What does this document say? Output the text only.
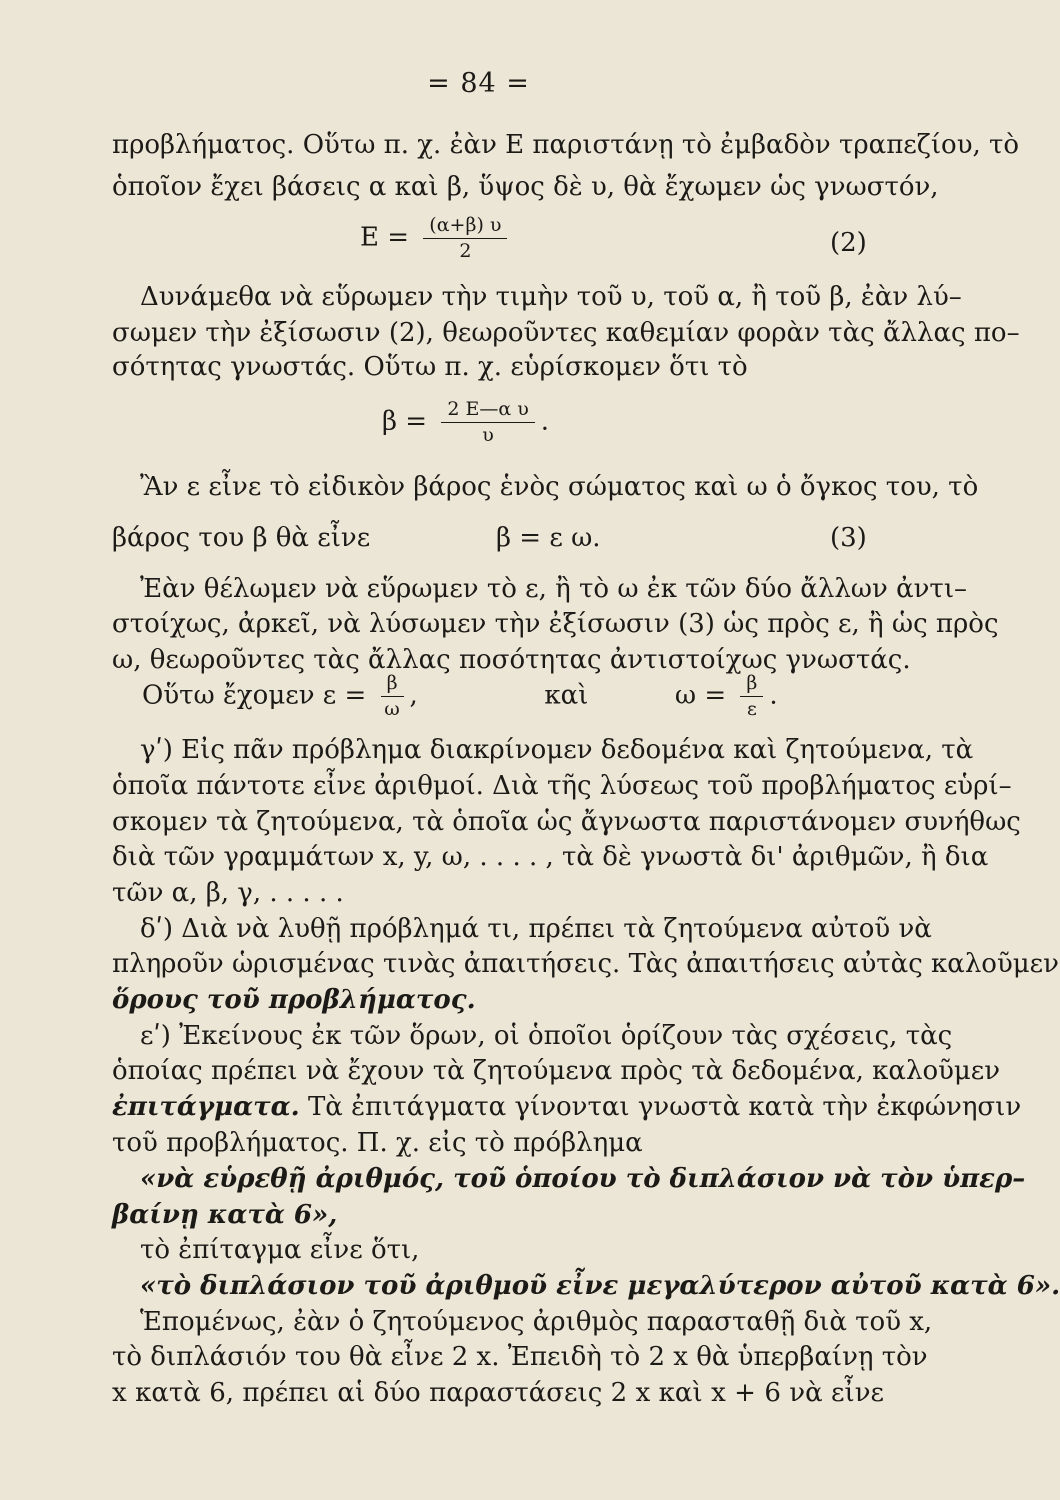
= 84 =
προβλήματος. Οὕτω π. χ. ἐὰν Ε παριστάνῃ τὸ ἐμβαδὸν τραπεζίου, τὸ
ὁποῖον ἔχει βάσεις α καὶ β, ὕψος δὲ υ, θὰ ἔχωμεν ὡς γνωστόν,
$E = \frac{(\alpha+\beta) \upsilon}{2}$	(2)
Δυνάμεθα νὰ εὕρωμεν τὴν τιμὴν τοῦ υ, τοῦ α, ἢ τοῦ β, ἐὰν λύ–
σωμεν τὴν ἐξίσωσιν (2), θεωροῦντες καθεμίαν φορὰν τὰς ἄλλας πο–
σότητας γνωστάς. Οὕτω π. χ. εὑρίσκομεν ὅτι τὸ
$\beta = \frac{\text{2 Ε—α υ}}{\upsilon}$ .
Ἂν ε εἶνε τὸ εἰδικὸν βάρος ἑνὸς σώματος καὶ ω ὁ ὄγκος του, τὸ
βάρος του β θὰ εἶνε	β = ε ω.	(3)
Ἐὰν θέλωμεν νὰ εὕρωμεν τὸ ε, ἢ τὸ ω ἐκ τῶν δύο ἄλλων ἀντι–
στοίχως, ἀρκεῖ, νὰ λύσωμεν τὴν ἐξίσωσιν (3) ὡς πρὸς ε, ἢ ὡς πρὸς
ω, θεωροῦντες τὰς ἄλλας ποσότητας ἀντιστοίχως γνωστάς.
Οὕτω ἔχομεν $\varepsilon = \frac{\beta}{\omega}$ ,	καὶ	$\omega = \frac{\beta}{\varepsilon}$ .
γʹ) Εἰς πᾶν πρόβλημα διακρίνομεν δεδομένα καὶ ζητούμενα, τὰ
ὁποῖα πάντοτε εἶνε ἀριθμοί. Διὰ τῆς λύσεως τοῦ προβλήματος εὑρί–
σκομεν τὰ ζητούμενα, τὰ ὁποῖα ὡς ἄγνωστα παριστάνομεν συνήθως
διὰ τῶν γραμμάτων x, y, ω, . . . . , τὰ δὲ γνωστὰ δι' ἀριθμῶν, ἢ δια
τῶν α, β, γ, . . . . .
δʹ) Διὰ νὰ λυθῇ πρόβλημά τι, πρέπει τὰ ζητούμενα αὐτοῦ νὰ
πληροῦν ὡρισμένας τινὰς ἀπαιτήσεις. Τὰς ἀπαιτήσεις αὐτὰς καλοῦμεν
ὅρους τοῦ προβλήματος.
εʹ) Ἐκείνους ἐκ τῶν ὅρων, οἱ ὁποῖοι ὁρίζουν τὰς σχέσεις, τὰς
ὁποίας πρέπει νὰ ἔχουν τὰ ζητούμενα πρὸς τὰ δεδομένα, καλοῦμεν
ἐπιτάγματα. Τὰ ἐπιτάγματα γίνονται γνωστὰ κατὰ τὴν ἐκφώνησιν
τοῦ προβλήματος. Π. χ. εἰς τὸ πρόβλημα
«νὰ εὑρεθῇ ἀριθμός, τοῦ ὁποίου τὸ διπλάσιον νὰ τὸν ὑπερ–
βαίνῃ κατὰ 6»,
τὸ ἐπίταγμα εἶνε ὅτι,
«τὸ διπλάσιον τοῦ ἀριθμοῦ εἶνε μεγαλύτερον αὐτοῦ κατὰ 6».
Ἑπομένως, ἐὰν ὁ ζητούμενος ἀριθμὸς παρασταθῇ διὰ τοῦ x,
τὸ διπλάσιόν του θὰ εἶνε 2 x. Ἐπειδὴ τὸ 2 x θὰ ὑπερβαίνῃ τὸν
x κατὰ 6, πρέπει αἱ δύο παραστάσεις 2 x καὶ x + 6 νὰ εἶνε
